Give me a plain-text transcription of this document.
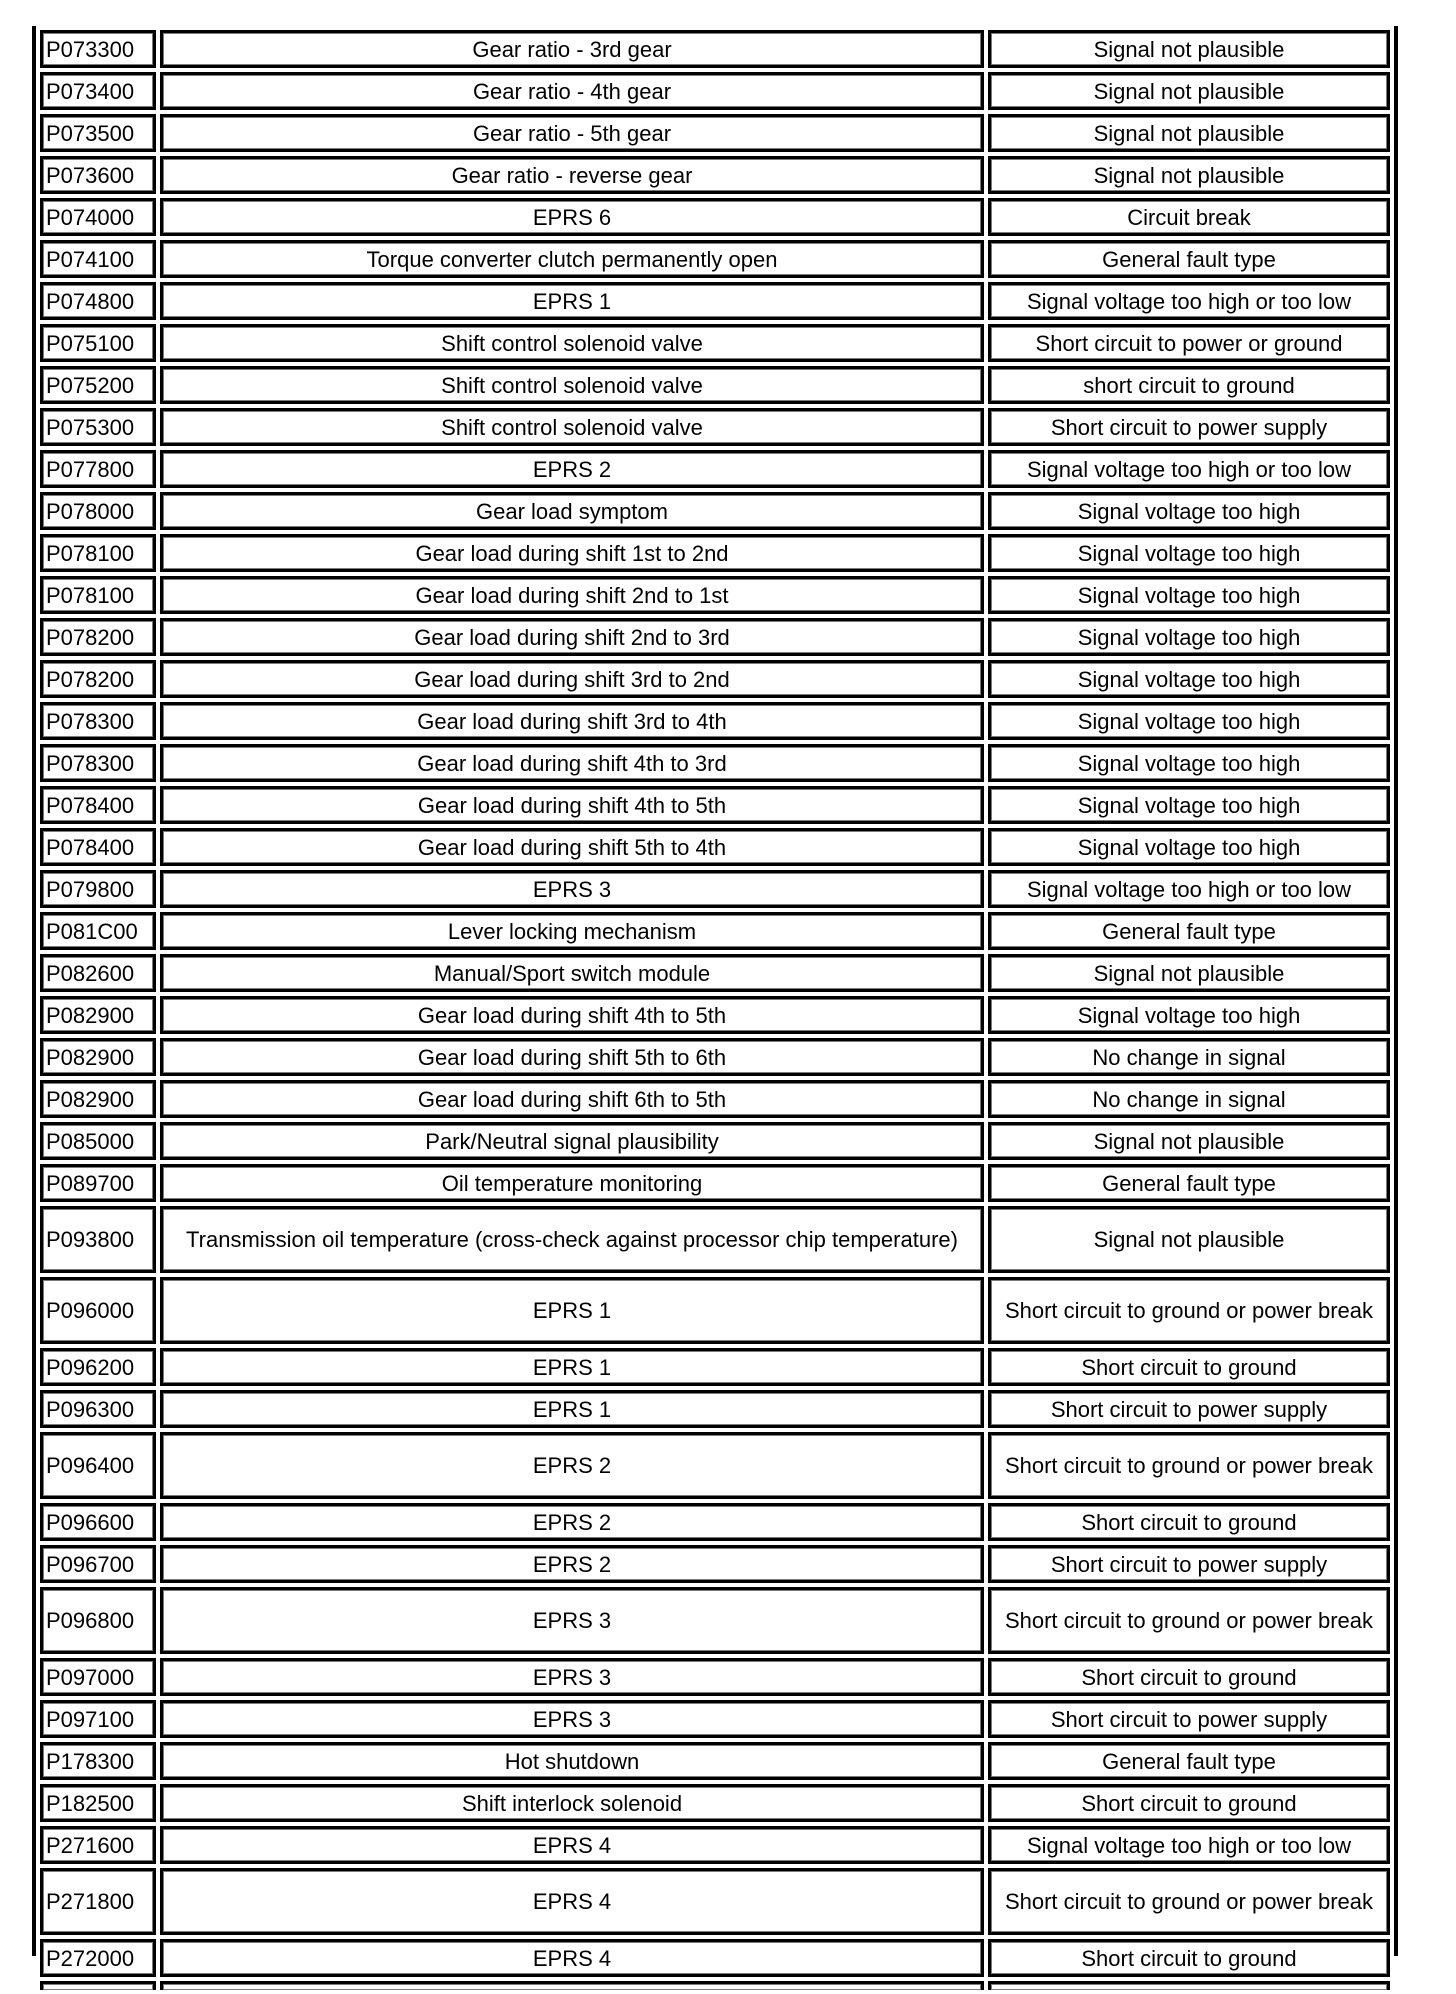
P073300	Gear ratio - 3rd gear	Signal not plausible
P073400	Gear ratio - 4th gear	Signal not plausible
P073500	Gear ratio - 5th gear	Signal not plausible
P073600	Gear ratio - reverse gear	Signal not plausible
P074000	EPRS 6	Circuit break
P074100	Torque converter clutch permanently open	General fault type
P074800	EPRS 1	Signal voltage too high or too low
P075100	Shift control solenoid valve	Short circuit to power or ground
P075200	Shift control solenoid valve	short circuit to ground
P075300	Shift control solenoid valve	Short circuit to power supply
P077800	EPRS 2	Signal voltage too high or too low
P078000	Gear load symptom	Signal voltage too high
P078100	Gear load during shift 1st to 2nd	Signal voltage too high
P078100	Gear load during shift 2nd to 1st	Signal voltage too high
P078200	Gear load during shift 2nd to 3rd	Signal voltage too high
P078200	Gear load during shift 3rd to 2nd	Signal voltage too high
P078300	Gear load during shift 3rd to 4th	Signal voltage too high
P078300	Gear load during shift 4th to 3rd	Signal voltage too high
P078400	Gear load during shift 4th to 5th	Signal voltage too high
P078400	Gear load during shift 5th to 4th	Signal voltage too high
P079800	EPRS 3	Signal voltage too high or too low
P081C00	Lever locking mechanism	General fault type
P082600	Manual/Sport switch module	Signal not plausible
P082900	Gear load during shift 4th to 5th	Signal voltage too high
P082900	Gear load during shift 5th to 6th	No change in signal
P082900	Gear load during shift 6th to 5th	No change in signal
P085000	Park/Neutral signal plausibility	Signal not plausible
P089700	Oil temperature monitoring	General fault type
P093800	Transmission oil temperature (cross-check against processor chip temperature)	Signal not plausible
P096000	EPRS 1	Short circuit to ground or power break
P096200	EPRS 1	Short circuit to ground
P096300	EPRS 1	Short circuit to power supply
P096400	EPRS 2	Short circuit to ground or power break
P096600	EPRS 2	Short circuit to ground
P096700	EPRS 2	Short circuit to power supply
P096800	EPRS 3	Short circuit to ground or power break
P097000	EPRS 3	Short circuit to ground
P097100	EPRS 3	Short circuit to power supply
P178300	Hot shutdown	General fault type
P182500	Shift interlock solenoid	Short circuit to ground
P271600	EPRS 4	Signal voltage too high or too low
P271800	EPRS 4	Short circuit to ground or power break
P272000	EPRS 4	Short circuit to ground
